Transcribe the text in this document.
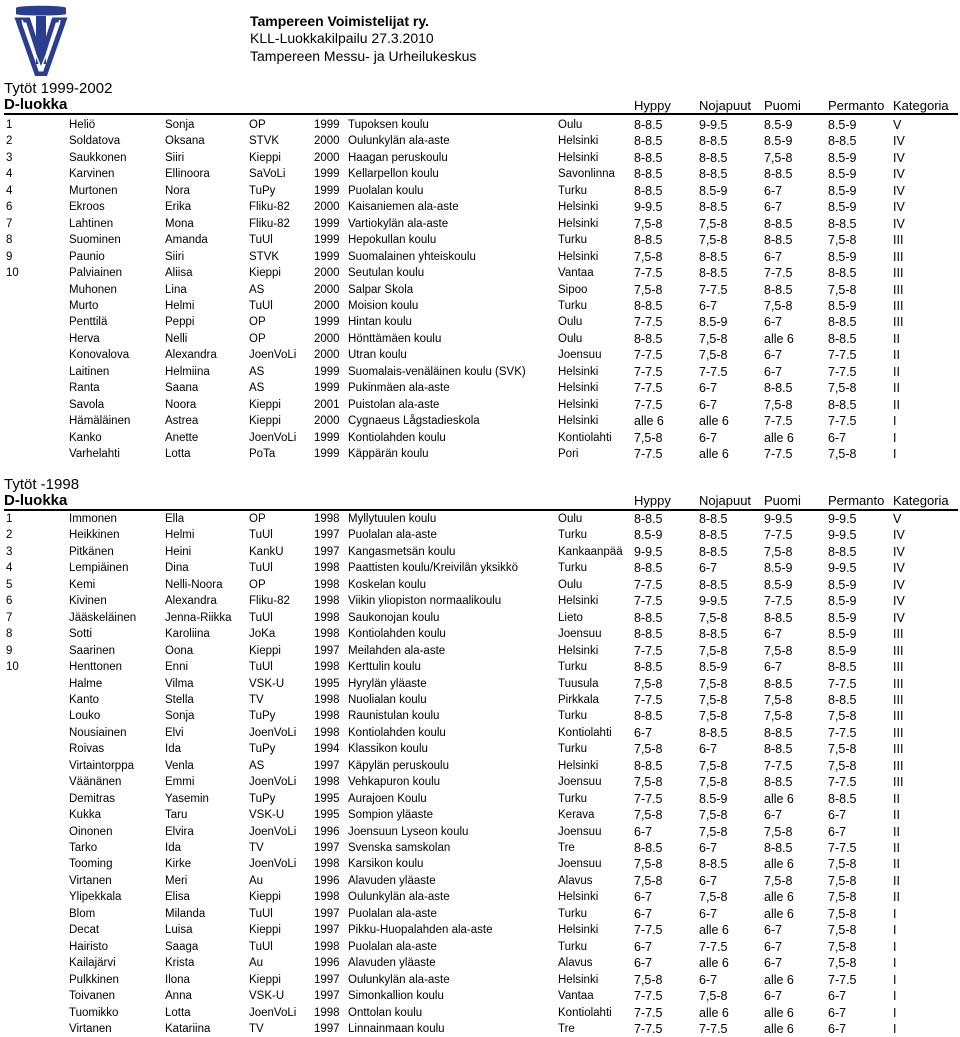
Tampereen Voimistelijat ry.
KLL-Luokkakilpailu 27.3.2010
Tampereen Messu- ja Urheilukeskus
Tytöt 1999-2002
D-luokka	Hyppy Nojapuut Puomi Permanto Kategoria
1	Heliö	Sonja	OP	1999 Tupoksen koulu	Oulu	8-8.5	9-9.5	8.5-9	8.5-9	V
2	Soldatova	Oksana	STVK	2000 Oulunkylän ala-aste	Helsinki	8-8.5	8-8.5	8.5-9	8-8.5	IV
3	Saukkonen	Siiri	Kieppi	2000 Haagan peruskoulu	Helsinki	8-8.5	8-8.5	7,5-8	8.5-9	IV
4	Karvinen	Ellinoora	SaVoLi 1999 Kellarpellon koulu	Savonlinna 8-8.5	8-8.5	8-8.5	8.5-9	IV
4	Murtonen	Nora	TuPy	1999 Puolalan koulu	Turku	8-8.5	8.5-9	6-7	8.5-9	IV
6	Ekroos	Erika	Fliku-82 2000 Kaisaniemen ala-aste	Helsinki	9-9.5	8-8.5	6-7	8.5-9	IV
7	Lahtinen	Mona	Fliku-82 1999 Vartiokylän ala-aste	Helsinki	7,5-8	7,5-8	8-8.5	8-8.5	IV
8	Suominen	Amanda	TuUl	1999 Hepokullan koulu	Turku	8-8.5	7,5-8	8-8.5	7,5-8	III
9	Paunio	Siiri	STVK	1999 Suomalainen yhteiskoulu	Helsinki	7,5-8	8-8.5	6-7	8.5-9	III
10	Palviainen	Aliisa	Kieppi	2000 Seutulan koulu	Vantaa	7-7.5	8-8.5	7-7.5	8-8.5	III
Muhonen	Lina	AS	2000 Salpar Skola	Sipoo	7,5-8	7-7.5	8-8.5	7,5-8	III
Murto	Helmi	TuUl	2000 Moision koulu	Turku	8-8.5	6-7	7,5-8	8.5-9	III
Penttilä	Peppi	OP	1999 Hintan koulu	Oulu	7-7.5	8.5-9	6-7	8-8.5	III
Herva	Nelli	OP	2000 Hönttämäen koulu	Oulu	8-8.5	7,5-8	alle 6	8-8.5	II
Konovalova	Alexandra	JoenVoLi 2000 Utran koulu	Joensuu	7-7.5	7,5-8	6-7	7-7.5	II
Laitinen	Helmiina	AS	1999 Suomalais-venäläinen koulu (SVK)	Helsinki	7-7.5	7-7.5	6-7	7-7.5	II
Ranta	Saana	AS	1999 Pukinmäen ala-aste	Helsinki	7-7.5	6-7	8-8.5	7,5-8	II
Savola	Noora	Kieppi	2001 Puistolan ala-aste	Helsinki	7-7.5	6-7	7,5-8	8-8.5	II
Hämäläinen	Astrea	Kieppi	2000 Cygnaeus Lågstadieskola	Helsinki	alle 6	alle 6	7-7.5	7-7.5	I
Kanko	Anette	JoenVoLi 1999 Kontiolahden koulu	Kontiolahti 7,5-8	6-7	alle 6	6-7	I
Varhelahti	Lotta	PoTa	1999 Käppärän koulu	Pori	7-7.5	alle 6	7-7.5	7,5-8	I
Tytöt -1998
D-luokka	Hyppy Nojapuut Puomi Permanto Kategoria
1	Immonen	Ella	OP	1998 Myllytuulen koulu	Oulu	8-8.5	8-8.5	9-9.5	9-9.5	V
2	Heikkinen	Helmi	TuUl	1997 Puolalan ala-aste	Turku	8.5-9	8-8.5	7-7.5	9-9.5	IV
3	Pitkänen	Heini	KankU	1997 Kangasmetsän koulu	Kankaanpää 9-9.5	8-8.5	7,5-8	8-8.5	IV
4	Lempiäinen	Dina	TuUl	1998 Paattisten koulu/Kreivilän yksikkö	Turku	8-8.5	6-7	8.5-9	9-9.5	IV
5	Kemi	Nelli-Noora OP	1998 Koskelan koulu	Oulu	7-7.5	8-8.5	8.5-9	8.5-9	IV
6	Kivinen	Alexandra	Fliku-82 1998 Viikin yliopiston normaalikoulu	Helsinki	7-7.5	9-9.5	7-7.5	8.5-9	IV
7	Jääskeläinen	Jenna-Riikka TuUl	1998 Saukonojan koulu	Lieto	8-8.5	7,5-8	8-8.5	8.5-9	IV
8	Sotti	Karoliina	JoKa	1998 Kontiolahden koulu	Joensuu	8-8.5	8-8.5	6-7	8.5-9	III
9	Saarinen	Oona	Kieppi	1997 Meilahden ala-aste	Helsinki	7-7.5	7,5-8	7,5-8	8.5-9	III
10	Henttonen	Enni	TuUl	1998 Kerttulin koulu	Turku	8-8.5	8.5-9	6-7	8-8.5	III
Halme	Vilma	VSK-U	1995 Hyrylän yläaste	Tuusula	7,5-8	7,5-8	8-8.5	7-7.5	III
Kanto	Stella	TV	1998 Nuolialan koulu	Pirkkala	7-7.5	7,5-8	7,5-8	8-8.5	III
Louko	Sonja	TuPy	1998 Raunistulan koulu	Turku	8-8.5	7,5-8	7,5-8	7,5-8	III
Nousiainen	Elvi	JoenVoLi 1998 Kontiolahden koulu	Kontiolahti 6-7	8-8.5	8-8.5	7-7.5	III
Roivas	Ida	TuPy	1994 Klassikon koulu	Turku	7,5-8	6-7	8-8.5	7,5-8	III
Virtaintorppa	Venla	AS	1997 Käpylän peruskoulu	Helsinki	8-8.5	7,5-8	7-7.5	7,5-8	III
Väänänen	Emmi	JoenVoLi 1998 Vehkapuron koulu	Joensuu	7,5-8	7,5-8	8-8.5	7-7.5	III
Demitras	Yasemin	TuPy	1995 Aurajoen Koulu	Turku	7-7.5	8.5-9	alle 6	8-8.5	II
Kukka	Taru	VSK-U	1995 Sompion yläaste	Kerava	7,5-8	7,5-8	6-7	6-7	II
Oinonen	Elvira	JoenVoLi 1996 Joensuun Lyseon koulu	Joensuu	6-7	7,5-8	7,5-8	6-7	II
Tarko	Ida	TV	1997 Svenska samskolan	Tre	8-8.5	6-7	8-8.5	7-7.5	II
Tooming	Kirke	JoenVoLi 1998 Karsikon koulu	Joensuu	7,5-8	8-8.5	alle 6	7,5-8	II
Virtanen	Meri	Au	1996 Alavuden yläaste	Alavus	7,5-8	6-7	7,5-8	7,5-8	II
Ylipekkala	Elisa	Kieppi	1998 Oulunkylän ala-aste	Helsinki	6-7	7,5-8	alle 6	7,5-8	II
Blom	Milanda	TuUl	1997 Puolalan ala-aste	Turku	6-7	6-7	alle 6	7,5-8	I
Decat	Luisa	Kieppi	1997 Pikku-Huopalahden ala-aste	Helsinki	7-7.5	alle 6	6-7	7,5-8	I
Hairisto	Saaga	TuUl	1998 Puolalan ala-aste	Turku	6-7	7-7.5	6-7	7,5-8	I
Kailajärvi	Krista	Au	1996 Alavuden yläaste	Alavus	6-7	alle 6	6-7	7,5-8	I
Pulkkinen	Ilona	Kieppi	1997 Oulunkylän ala-aste	Helsinki	7,5-8	6-7	alle 6	7-7.5	I
Toivanen	Anna	VSK-U	1997 Simonkallion koulu	Vantaa	7-7.5	7,5-8	6-7	6-7	I
Tuomikko	Lotta	JoenVoLi 1998 Onttolan koulu	Kontiolahti 7-7.5	alle 6	alle 6	6-7	I
Virtanen	Katariina	TV	1997 Linnainmaan koulu	Tre	7-7.5	7-7.5	alle 6	6-7	I
